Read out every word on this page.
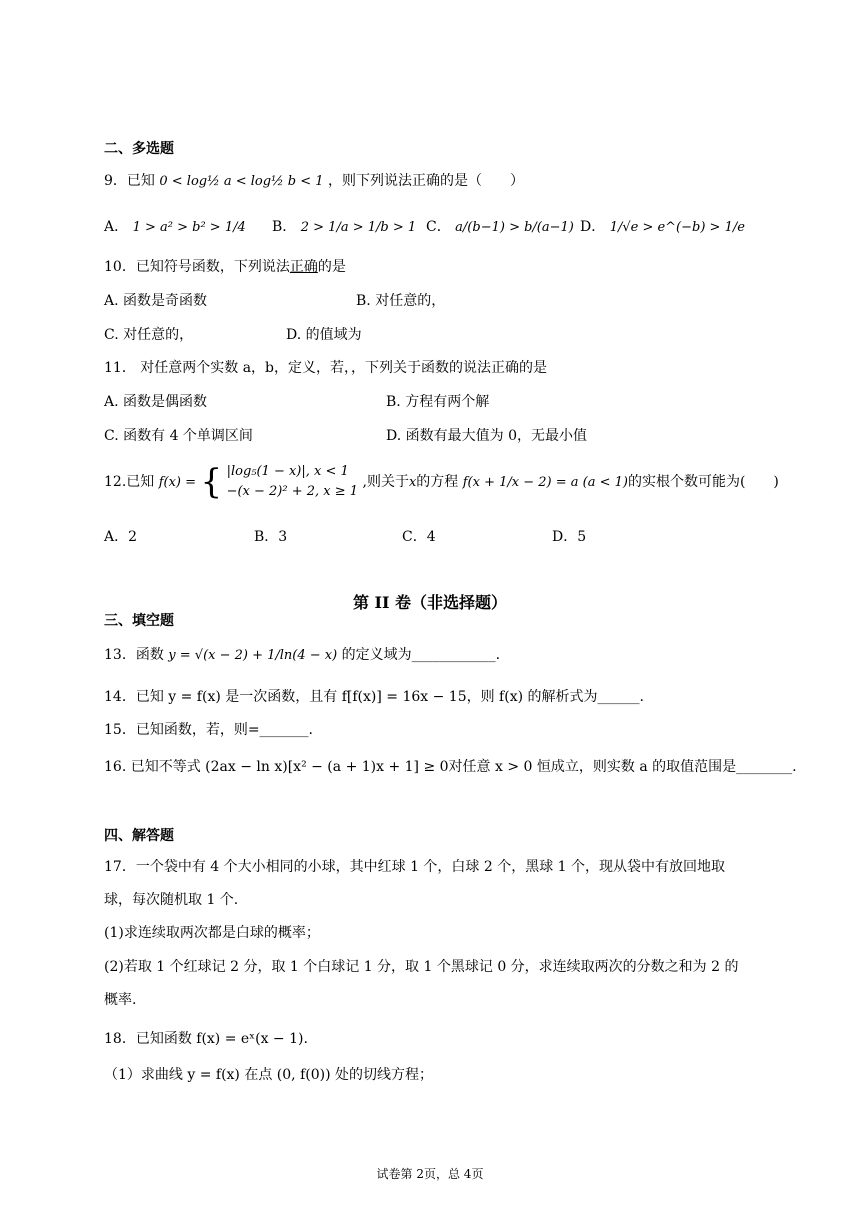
二、多选题
9．已知 0 < log½ a < log½ b < 1 ，则下列说法正确的是（　　）
A． 1 > a² > b² > 1/4 B． 2 > 1/a > 1/b > 1 C． a/(b−1) > b/(a−1) D． 1/√e > e^(−b) > 1/e
10．已知符号函数，下列说法正确的是
A. 函数是奇函数	B. 对任意的，
C. 对任意的，	D. 的值域为
11． 对任意两个实数 a，b，定义，若，，下列关于函数的说法正确的是
A. 函数是偶函数	B. 方程有两个解
C. 函数有 4 个单调区间	D. 函数有最大值为 0，无最小值
12.已知 f(x) = { |log₅(1 − x)|, x < 1
−(x − 2)² + 2, x ≥ 1
,则关于x的方程 f(x + 1/x − 2) = a (a < 1)的实根个数可能为(　　)
A．2	B．3	C．4	D．5
第 II 卷（非选择题）
三、填空题
13．函数 y = √(x − 2) + 1/ln(4 − x) 的定义域为____________.
14．已知 y = f(x) 是一次函数，且有 f[f(x)] = 16x − 15，则 f(x) 的解析式为______.
15．已知函数，若，则=_______.
16. 已知不等式 (2ax − ln x)[x² − (a + 1)x + 1] ≥ 0对任意 x > 0 恒成立，则实数 a 的取值范围是________.
四、解答题
17．一个袋中有 4 个大小相同的小球，其中红球 1 个，白球 2 个，黑球 1 个，现从袋中有放回地取
球，每次随机取 1 个.
(1)求连续取两次都是白球的概率；
(2)若取 1 个红球记 2 分，取 1 个白球记 1 分，取 1 个黑球记 0 分，求连续取两次的分数之和为 2 的
概率.
18．已知函数 f(x) = eˣ(x − 1).
（1）求曲线 y = f(x) 在点 (0, f(0)) 处的切线方程；
试卷第 2页，总 4页
